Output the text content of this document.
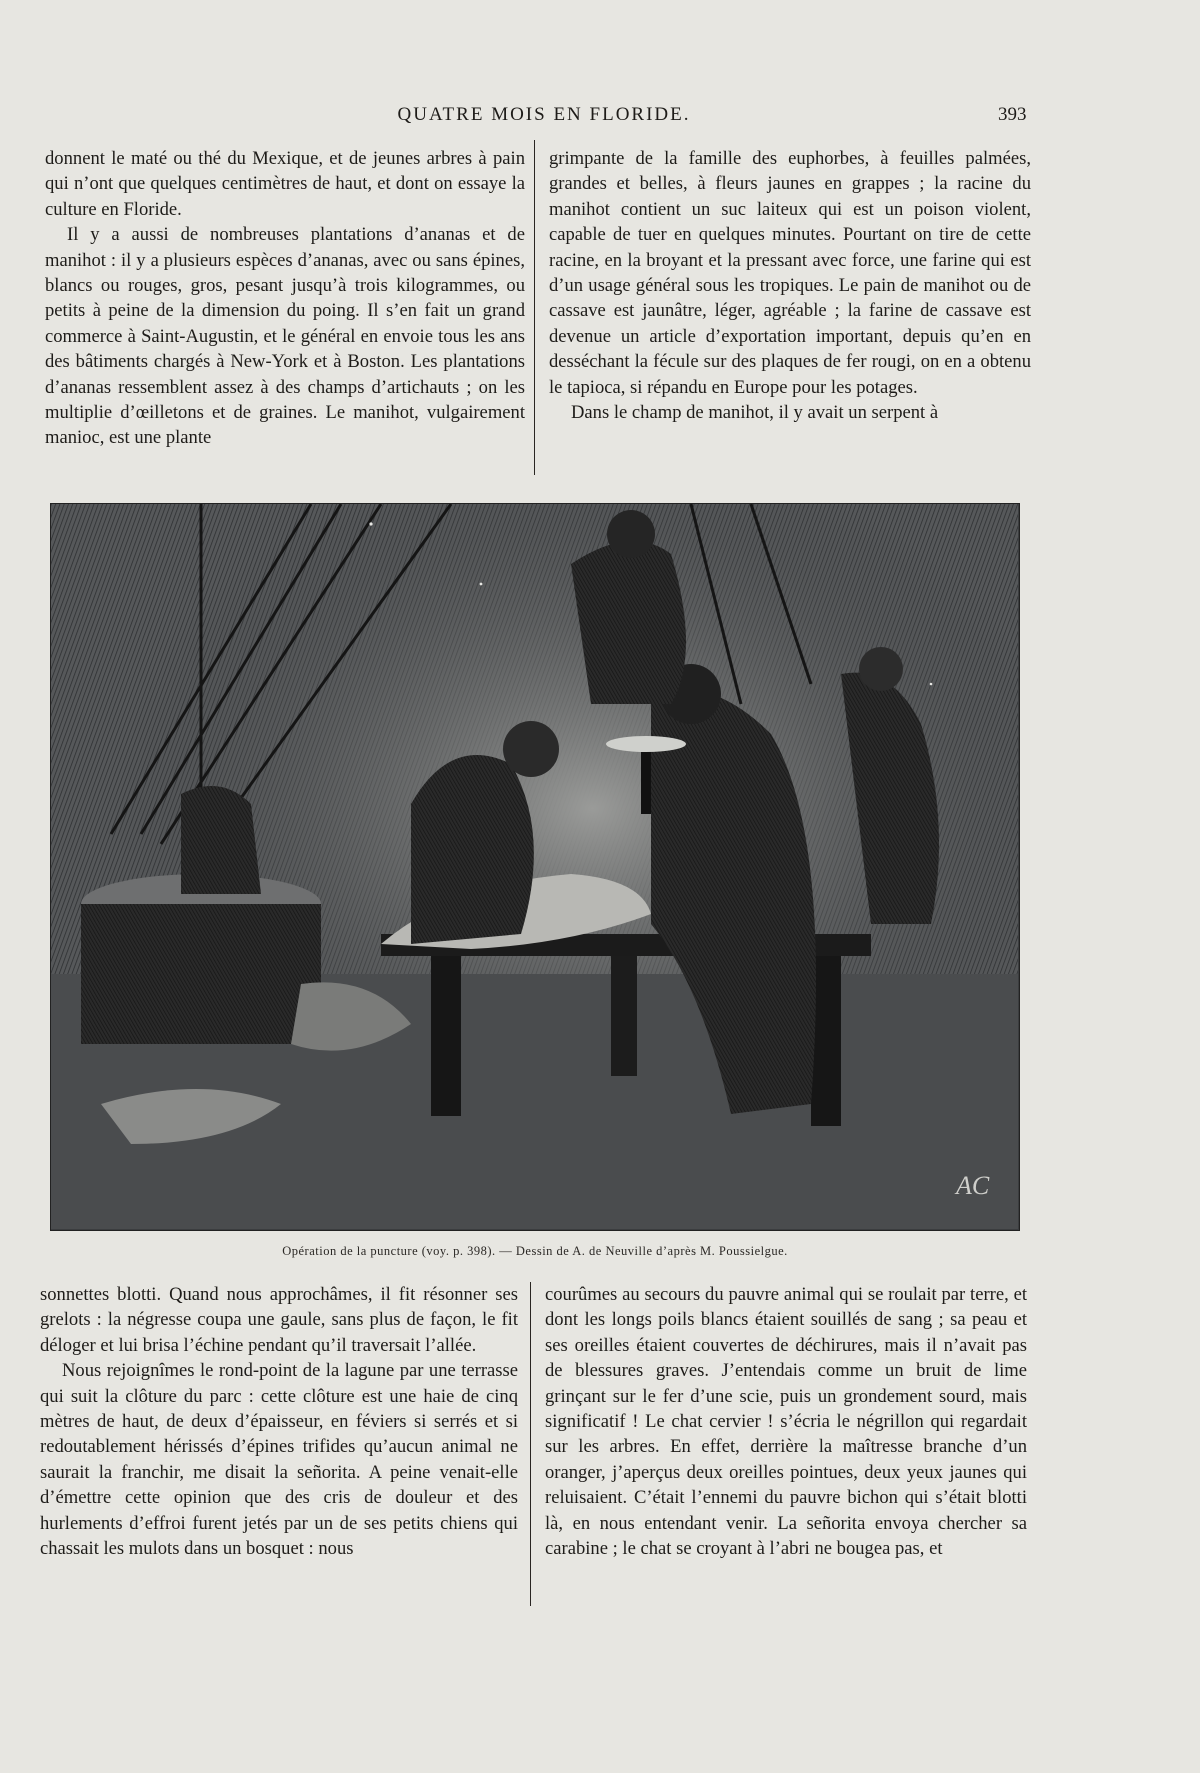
QUATRE MOIS EN FLORIDE.	393

donnent le maté ou thé du Mexique, et de jeunes arbres à pain qui n’ont que quelques centimètres de haut, et dont on essaye la culture en Floride.

Il y a aussi de nombreuses plantations d’ananas et de manihot : il y a plusieurs espèces d’ananas, avec ou sans épines, blancs ou rouges, gros, pesant jusqu’à trois kilogrammes, ou petits à peine de la dimension du poing. Il s’en fait un grand commerce à Saint-Augustin, et le général en envoie tous les ans des bâtiments chargés à New-York et à Boston. Les plantations d’ananas ressemblent assez à des champs d’artichauts ; on les multiplie d’œilletons et de graines. Le manihot, vulgairement manioc, est une plante

grimpante de la famille des euphorbes, à feuilles palmées, grandes et belles, à fleurs jaunes en grappes ; la racine du manihot contient un suc laiteux qui est un poison violent, capable de tuer en quelques minutes. Pourtant on tire de cette racine, en la broyant et la pressant avec force, une farine qui est d’un usage général sous les tropiques. Le pain de manihot ou de cassave est jaunâtre, léger, agréable ; la farine de cassave est devenue un article d’exportation important, depuis qu’en en desséchant la fécule sur des plaques de fer rougi, on en a obtenu le tapioca, si répandu en Europe pour les potages.

Dans le champ de manihot, il y avait un serpent à

AC
Opération de la puncture (voy. p. 398). — Dessin de A. de Neuville d’après M. Poussielgue.

sonnettes blotti. Quand nous approchâmes, il fit résonner ses grelots : la négresse coupa une gaule, sans plus de façon, le fit déloger et lui brisa l’échine pendant qu’il traversait l’allée.

Nous rejoignîmes le rond-point de la lagune par une terrasse qui suit la clôture du parc : cette clôture est une haie de cinq mètres de haut, de deux d’épaisseur, en féviers si serrés et si redoutablement hérissés d’épines trifides qu’aucun animal ne saurait la franchir, me disait la señorita. A peine venait-elle d’émettre cette opinion que des cris de douleur et des hurlements d’effroi furent jetés par un de ses petits chiens qui chassait les mulots dans un bosquet : nous

courûmes au secours du pauvre animal qui se roulait par terre, et dont les longs poils blancs étaient souillés de sang ; sa peau et ses oreilles étaient couvertes de déchirures, mais il n’avait pas de blessures graves. J’entendais comme un bruit de lime grinçant sur le fer d’une scie, puis un grondement sourd, mais significatif ! Le chat cervier ! s’écria le négrillon qui regardait sur les arbres. En effet, derrière la maîtresse branche d’un oranger, j’aperçus deux oreilles pointues, deux yeux jaunes qui reluisaient. C’était l’ennemi du pauvre bichon qui s’était blotti là, en nous entendant venir. La señorita envoya chercher sa carabine ; le chat se croyant à l’abri ne bougea pas, et
